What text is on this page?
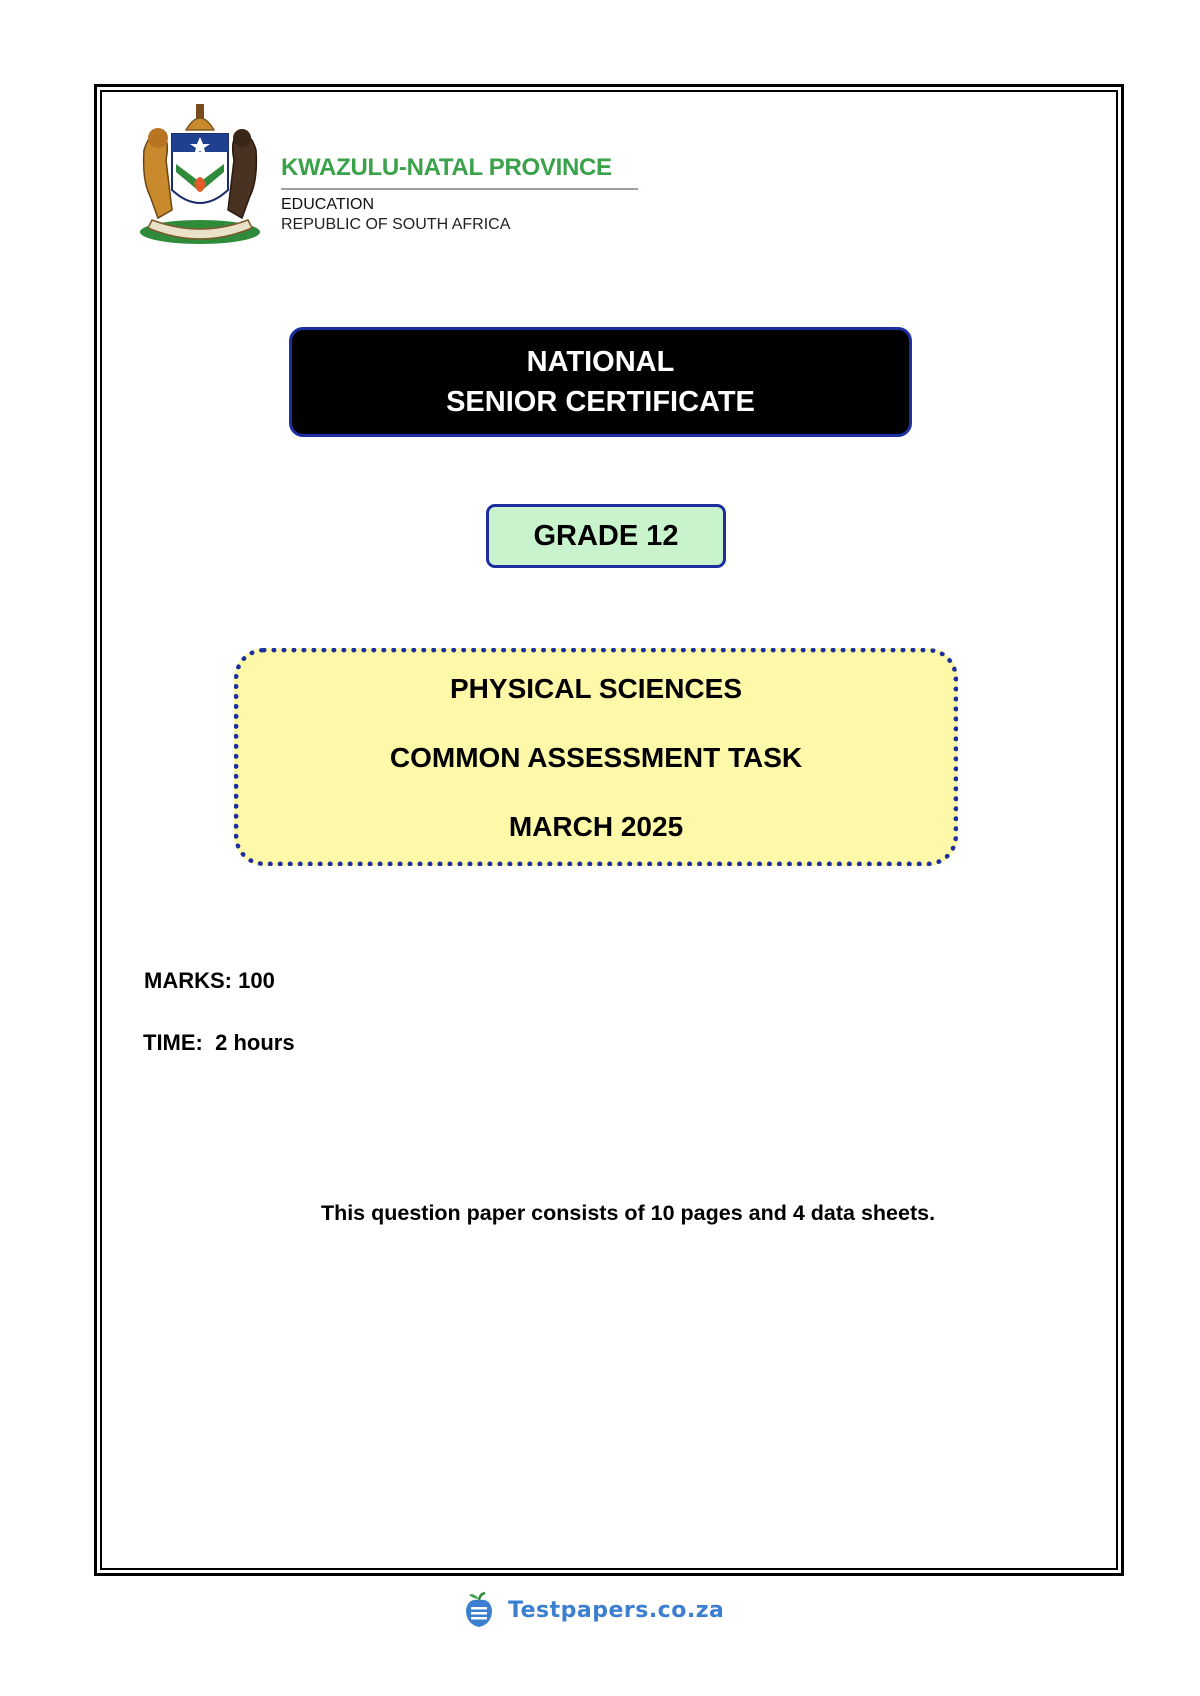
KWAZULU-NATAL PROVINCE
EDUCATION
REPUBLIC OF SOUTH AFRICA
NATIONAL
SENIOR CERTIFICATE
GRADE 12
PHYSICAL SCIENCES
COMMON ASSESSMENT TASK
MARCH 2025
MARKS: 100
TIME:  2 hours
This question paper consists of 10 pages and 4 data sheets.
Testpapers.co.za
